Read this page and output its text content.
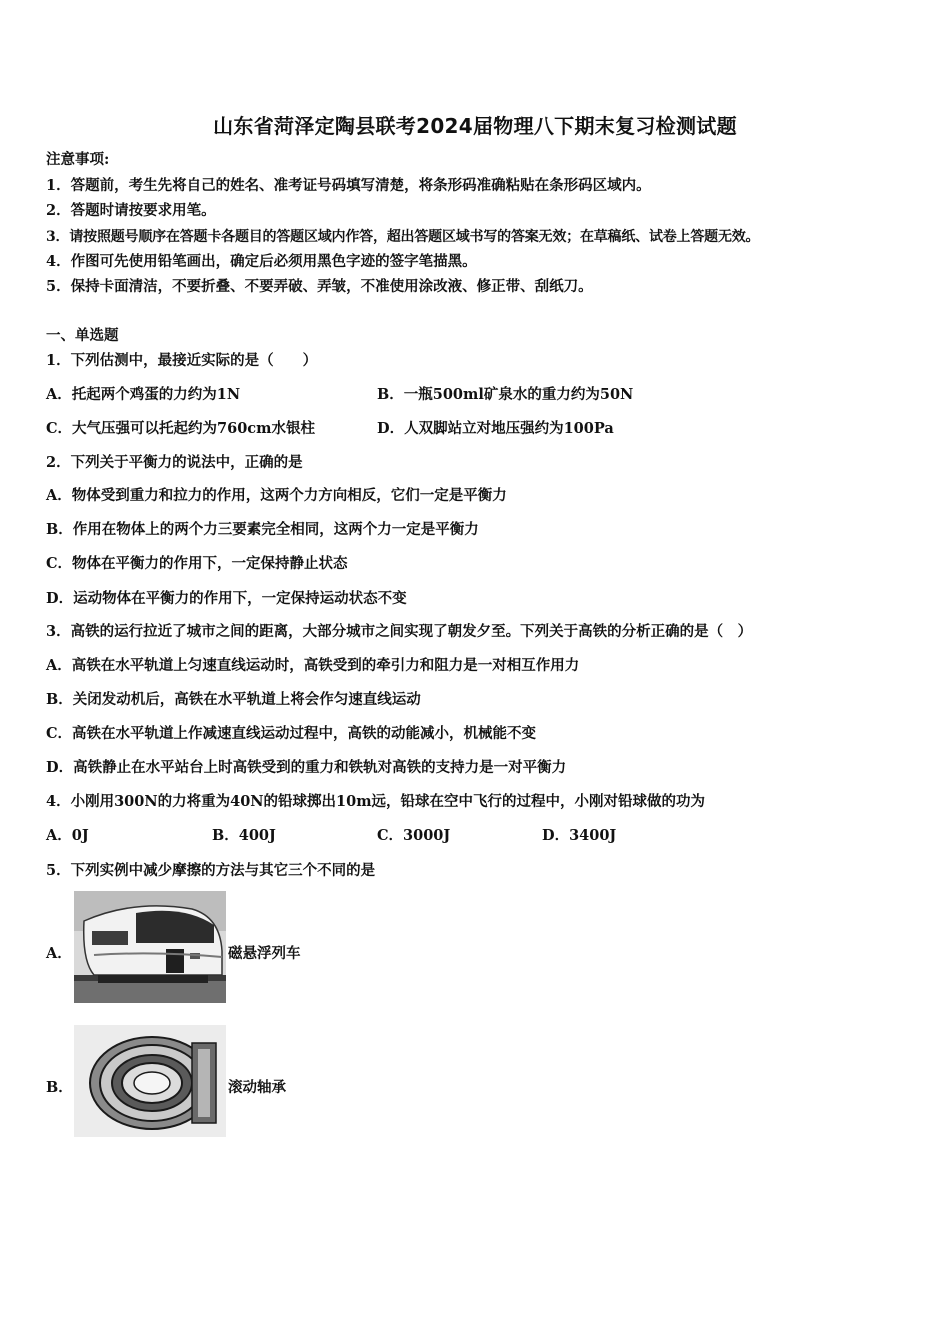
山东省菏泽定陶县联考2024届物理八下期末复习检测试题
注意事项:
1．答题前，考生先将自己的姓名、准考证号码填写清楚，将条形码准确粘贴在条形码区域内。
2．答题时请按要求用笔。
3．请按照题号顺序在答题卡各题目的答题区域内作答，超出答题区域书写的答案无效；在草稿纸、试卷上答题无效。
4．作图可先使用铅笔画出，确定后必须用黑色字迹的签字笔描黑。
5．保持卡面清洁，不要折叠、不要弄破、弄皱，不准使用涂改液、修正带、刮纸刀。
一、单选题
1．下列估测中，最接近实际的是（　　）
A．托起两个鸡蛋的力约为1N	B．一瓶500ml矿泉水的重力约为50N
C．大气压强可以托起约为760cm水银柱	D．人双脚站立对地压强约为100Pa
2．下列关于平衡力的说法中，正确的是
A．物体受到重力和拉力的作用，这两个力方向相反，它们一定是平衡力
B．作用在物体上的两个力三要素完全相同，这两个力一定是平衡力
C．物体在平衡力的作用下，一定保持静止状态
D．运动物体在平衡力的作用下，一定保持运动状态不变
3．高铁的运行拉近了城市之间的距离，大部分城市之间实现了朝发夕至。下列关于高铁的分析正确的是（　）
A．高铁在水平轨道上匀速直线运动时，高铁受到的牵引力和阻力是一对相互作用力
B．关闭发动机后，高铁在水平轨道上将会作匀速直线运动
C．高铁在水平轨道上作减速直线运动过程中，高铁的动能减小，机械能不变
D．高铁静止在水平站台上时高铁受到的重力和铁轨对高铁的支持力是一对平衡力
4．小刚用300N的力将重为40N的铅球掷出10m远，铅球在空中飞行的过程中，小刚对铅球做的功为
A．0J	B．400J	C．3000J	D．3400J
5．下列实例中减少摩擦的方法与其它三个不同的是
A．	磁悬浮列车
B．	滚动轴承
